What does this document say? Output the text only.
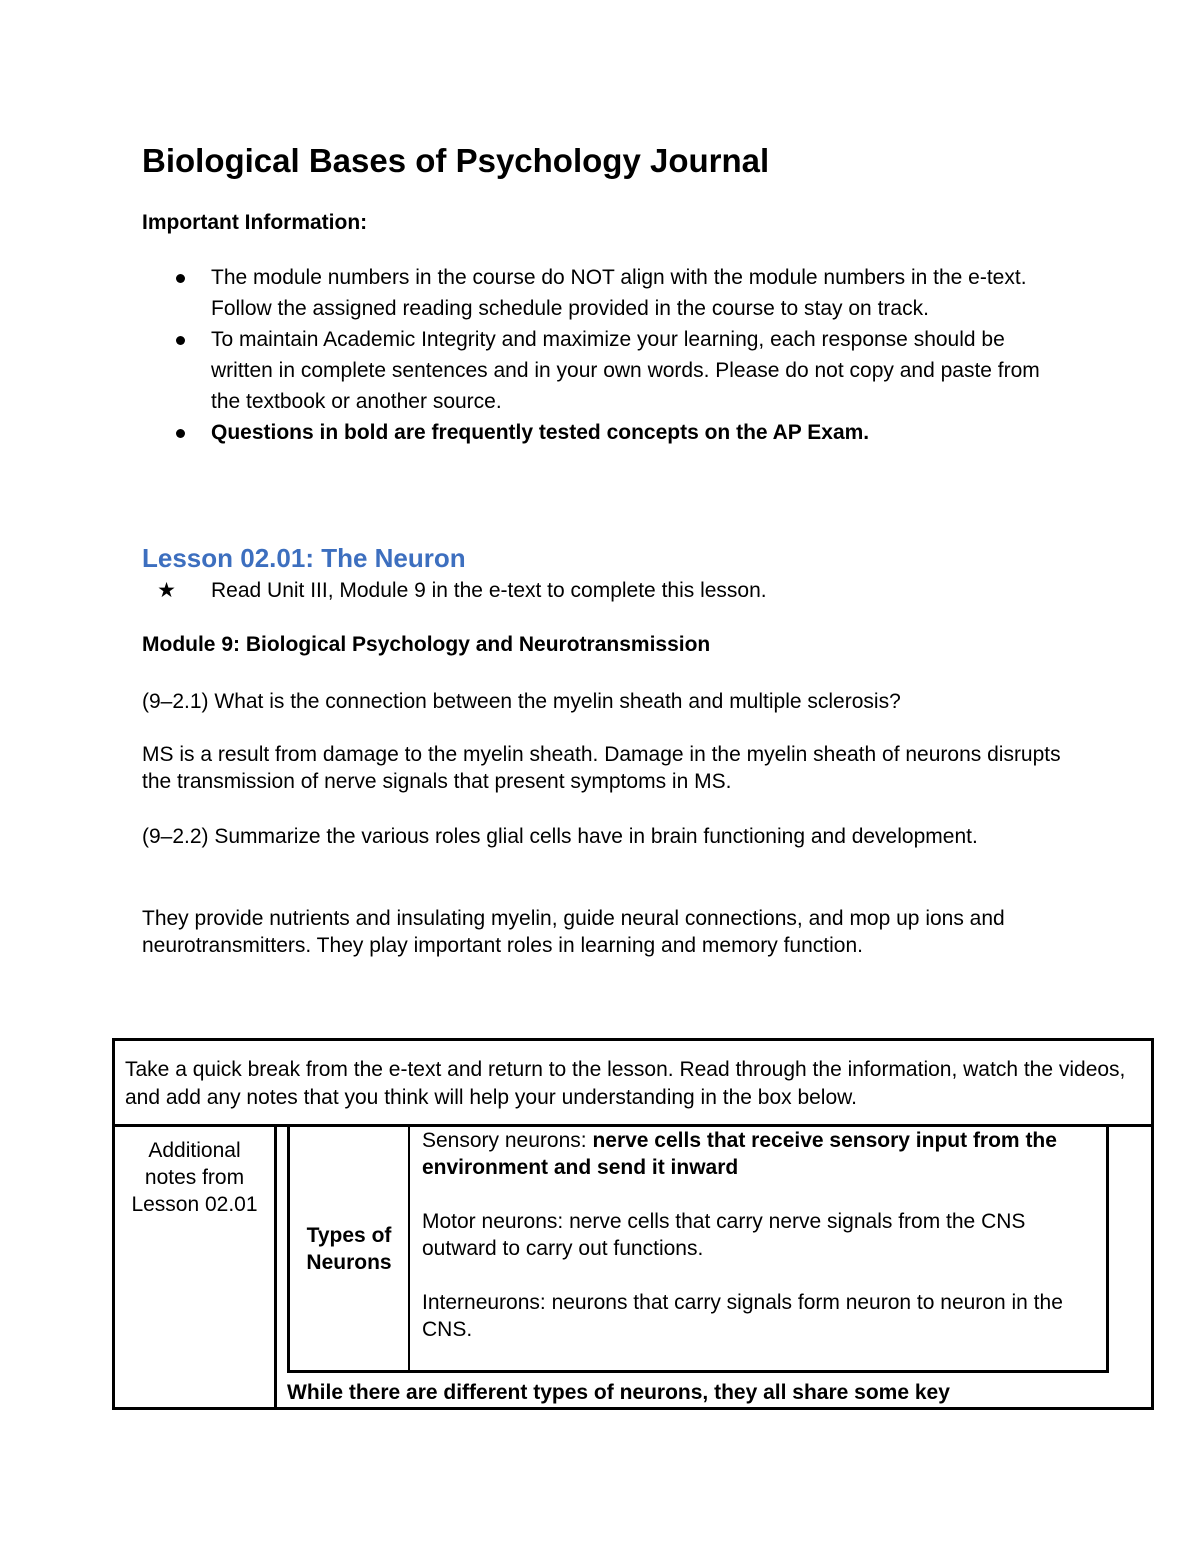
Biological Bases of Psychology Journal
Important Information:
The module numbers in the course do NOT align with the module numbers in the e-text. Follow the assigned reading schedule provided in the course to stay on track.
To maintain Academic Integrity and maximize your learning, each response should be written in complete sentences and in your own words. Please do not copy and paste from the textbook or another source.
Questions in bold are frequently tested concepts on the AP Exam.
Lesson 02.01: The Neuron
★ Read Unit III, Module 9 in the e-text to complete this lesson.
Module 9: Biological Psychology and Neurotransmission
(9–2.1) What is the connection between the myelin sheath and multiple sclerosis?
MS is a result from damage to the myelin sheath. Damage in the myelin sheath of neurons disrupts the transmission of nerve signals that present symptoms in MS.
(9–2.2) Summarize the various roles glial cells have in brain functioning and development.
They provide nutrients and insulating myelin, guide neural connections, and mop up ions and neurotransmitters. They play important roles in learning and memory function.
Take a quick break from the e-text and return to the lesson. Read through the information, watch the videos, and add any notes that you think will help your understanding in the box below.
Additional notes from Lesson 02.01
Types of Neurons
Sensory neurons: nerve cells that receive sensory input from the environment and send it inward
Motor neurons: nerve cells that carry nerve signals from the CNS outward to carry out functions.
Interneurons: neurons that carry signals form neuron to neuron in the CNS.
While there are different types of neurons, they all share some key
